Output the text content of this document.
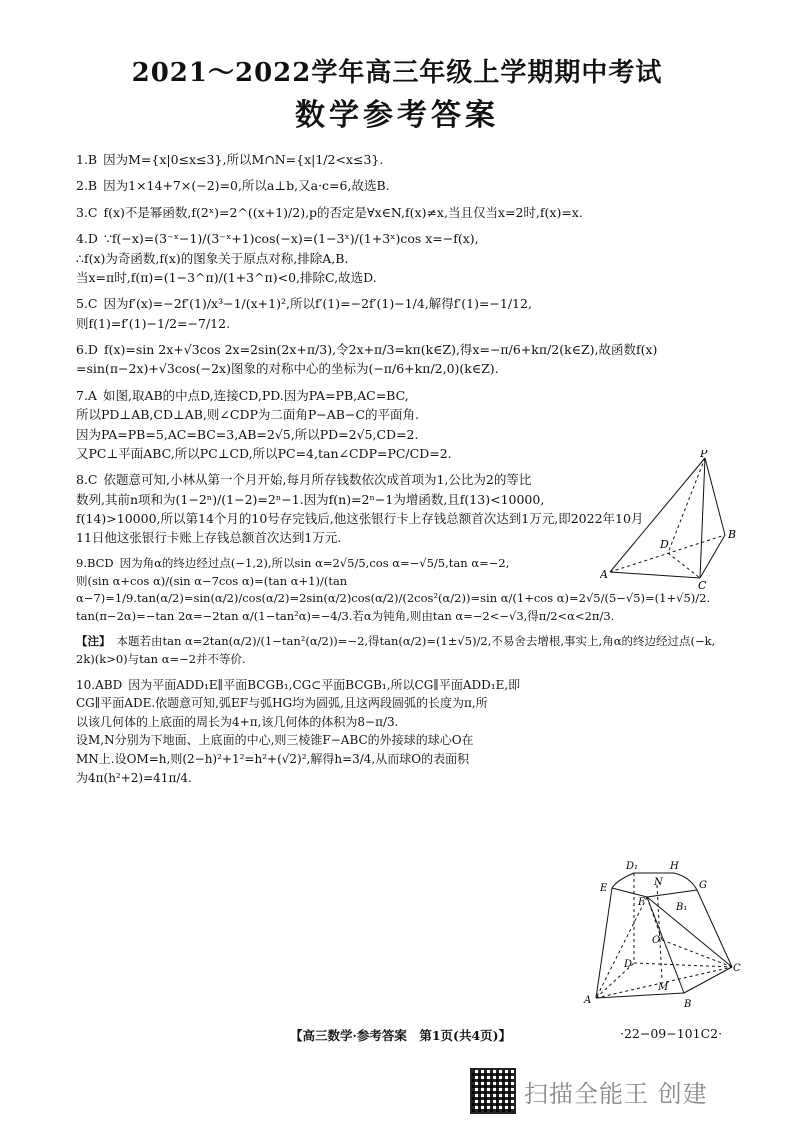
2021～2022学年高三年级上学期期中考试
数学参考答案
1.B 因为M={x|0≤x≤3},所以M∩N={x|1/2<x≤3}.
2.B 因为1×14+7×(−2)=0,所以a⊥b,又a·c=6,故选B.
3.C f(x)不是幂函数,f(2ˣ)=2^((x+1)/2),p的否定是∀x∈N,f(x)≠x,当且仅当x=2时,f(x)=x.
4.D ∵f(−x)=(3⁻ˣ−1)/(3⁻ˣ+1)cos(−x)=(1−3ˣ)/(1+3ˣ)cos x=−f(x),
∴f(x)为奇函数,f(x)的图象关于原点对称,排除A,B.
当x=π时,f(π)=(1−3^π)/(1+3^π)<0,排除C,故选D.
5.C 因为f′(x)=−2f′(1)/x³−1/(x+1)²,所以f′(1)=−2f′(1)−1/4,解得f′(1)=−1/12,
则f(1)=f′(1)−1/2=−7/12.
6.D f(x)=sin 2x+√3cos 2x=2sin(2x+π/3),令2x+π/3=kπ(k∈Z),得x=−π/6+kπ/2(k∈Z),故函数f(x)
=sin(π−2x)+√3cos(−2x)图象的对称中心的坐标为(−π/6+kπ/2,0)(k∈Z).
7.A 如图,取AB的中点D,连接CD,PD.因为PA=PB,AC=BC,
所以PD⊥AB,CD⊥AB,则∠CDP为二面角P−AB−C的平面角.
因为PA=PB=5,AC=BC=3,AB=2√5,所以PD=2√5,CD=2.
又PC⊥平面ABC,所以PC⊥CD,所以PC=4,tan∠CDP=PC/CD=2.
8.C 依题意可知,小林从第一个月开始,每月所存钱数依次成首项为1,公比为2的等比
数列,其前n项和为(1−2ⁿ)/(1−2)=2ⁿ−1.因为f(n)=2ⁿ−1为增函数,且f(13)<10000,
f(14)>10000,所以第14个月的10号存完钱后,他这张银行卡上存钱总额首次达到1万元,即2022年10月
11日他这张银行卡账上存钱总额首次达到1万元.
9.BCD 因为角α的终边经过点(−1,2),所以sin α=2√5/5,cos α=−√5/5,tan α=−2,
则(sin α+cos α)/(sin α−7cos α)=(tan α+1)/(tan α−7)=1/9.tan(α/2)=sin(α/2)/cos(α/2)=2sin(α/2)cos(α/2)/(2cos²(α/2))=sin α/(1+cos α)=2√5/(5−√5)=(1+√5)/2.
tan(π−2α)=−tan 2α=−2tan α/(1−tan²α)=−4/3.若α为钝角,则由tan α=−2<−√3,得π/2<α<2π/3.
【注】 本题若由tan α=2tan(α/2)/(1−tan²(α/2))=−2,得tan(α/2)=(1±√5)/2,不易舍去增根,事实上,角α的终边经过点(−k,
2k)(k>0)与tan α=−2并不等价.
10.ABD 因为平面ADD₁E∥平面BCGB₁,CG⊂平面BCGB₁,所以CG∥平面ADD₁E,即
CG∥平面ADE.依题意可知,弧EF与弧HG均为圆弧,且这两段圆弧的长度为π,所
以该几何体的上底面的周长为4+π,该几何体的体积为8−π/3.
设M,N分别为下地面、上底面的中心,则三棱锥F−ABC的外接球的球心O在
MN上.设OM=h,则(2−h)²+1²=h²+(√2)²,解得h=3/4,从而球O的表面积
为4π(h²+2)=41π/4.
P
B
D
A
C
D₁	H
E
N	G
F	B₁
O
D	C
M
A	B
【高三数学·参考答案　第1页(共4页)】	·22−09−101C2·
扫描全能王 创建
